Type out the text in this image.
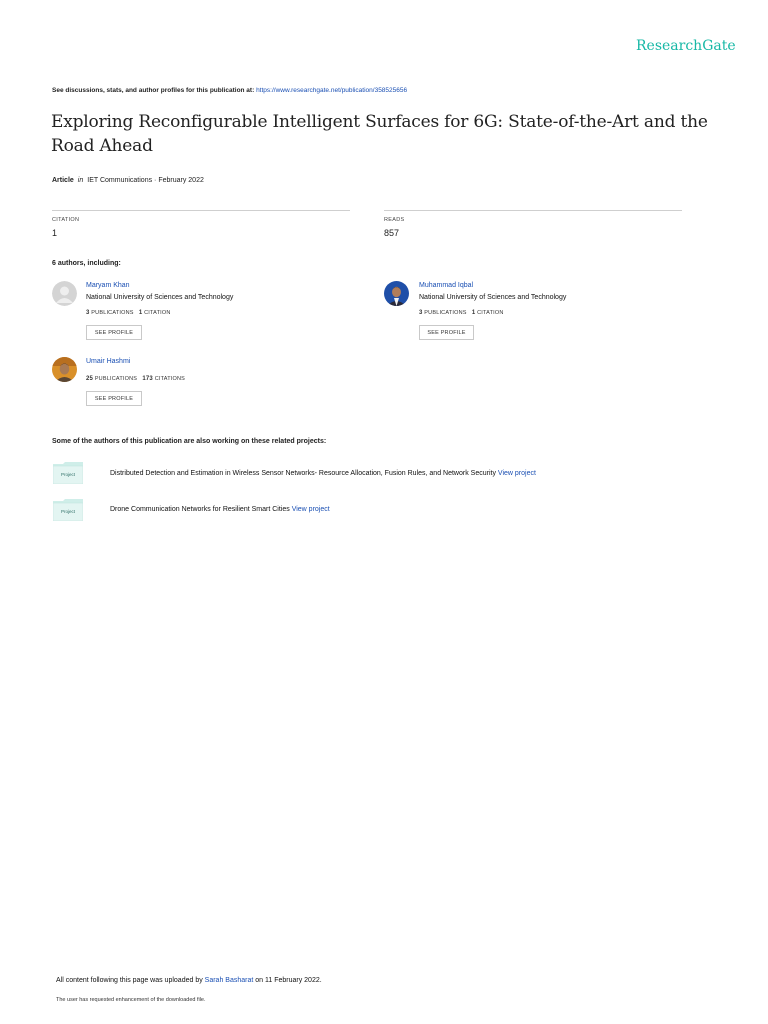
ResearchGate
See discussions, stats, and author profiles for this publication at: https://www.researchgate.net/publication/358525656
Exploring Reconfigurable Intelligent Surfaces for 6G: State-of-the-Art and the Road Ahead
Article in IET Communications · February 2022
CITATION
1
READS
857
6 authors, including:
Maryam Khan
National University of Sciences and Technology
3 PUBLICATIONS 1 CITATION
SEE PROFILE
Muhammad Iqbal
National University of Sciences and Technology
3 PUBLICATIONS 1 CITATION
SEE PROFILE
Umair Hashmi
25 PUBLICATIONS 173 CITATIONS
SEE PROFILE
Some of the authors of this publication are also working on these related projects:
Project	Distributed Detection and Estimation in Wireless Sensor Networks- Resource Allocation, Fusion Rules, and Network Security View project
Project	Drone Communication Networks for Resilient Smart Cities View project
All content following this page was uploaded by Sarah Basharat on 11 February 2022.
The user has requested enhancement of the downloaded file.
